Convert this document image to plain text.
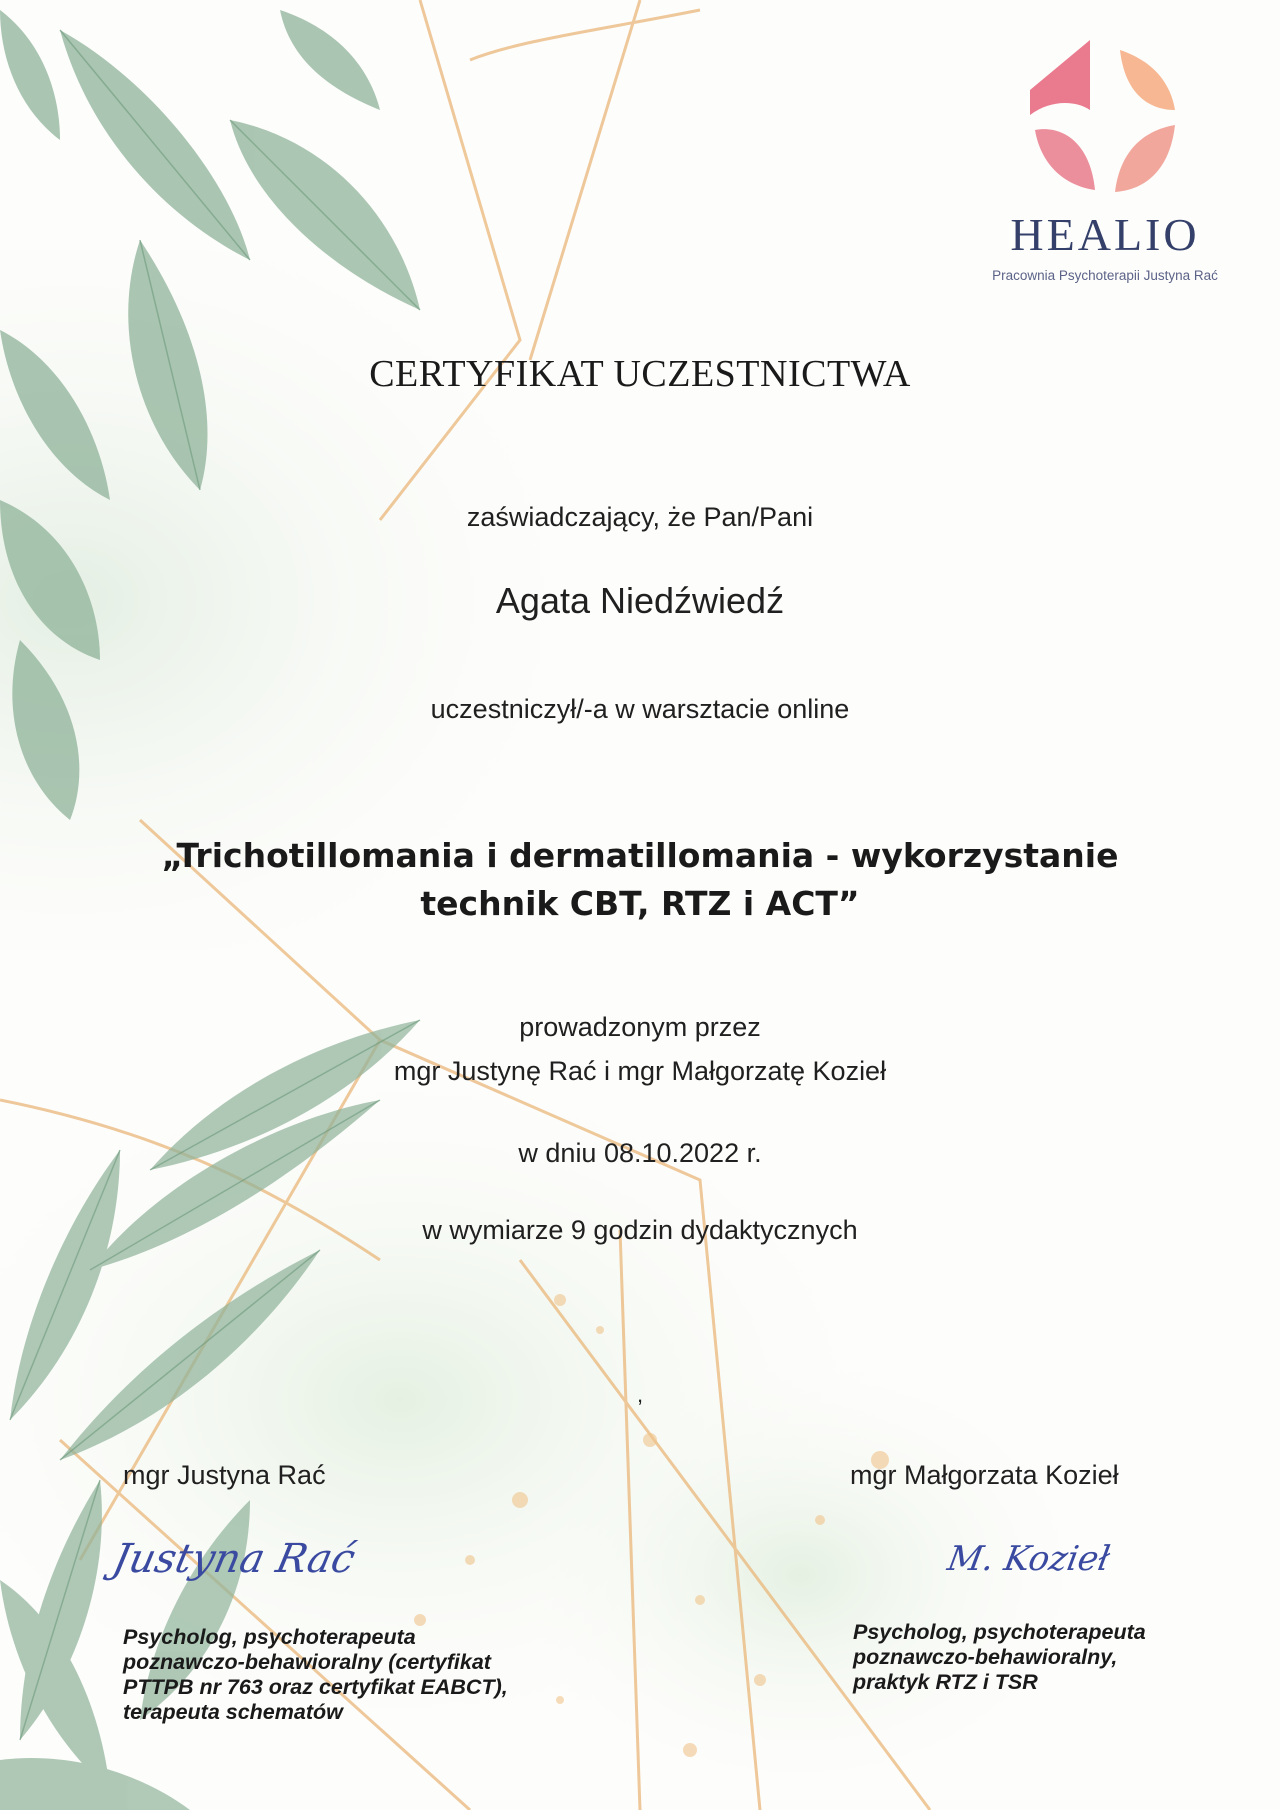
HEALIO
Pracownia Psychoterapii Justyna Rać
CERTYFIKAT UCZESTNICTWA
zaświadczający, że Pan/Pani
Agata Niedźwiedź
uczestniczył/-a w warsztacie online
„Trichotillomania i dermatillomania - wykorzystanie
technik CBT, RTZ i ACT”
prowadzonym przez
mgr Justynę Rać i mgr Małgorzatę Kozieł
w dniu 08.10.2022 r.
w wymiarze 9 godzin dydaktycznych
,
mgr Justyna Rać
Justyna Rać
Psycholog, psychoterapeuta
poznawczo-behawioralny (certyfikat
PTTPB nr 763 oraz certyfikat EABCT),
terapeuta schematów
mgr Małgorzata Kozieł
M. Kozieł
Psycholog, psychoterapeuta
poznawczo-behawioralny,
praktyk RTZ i TSR
